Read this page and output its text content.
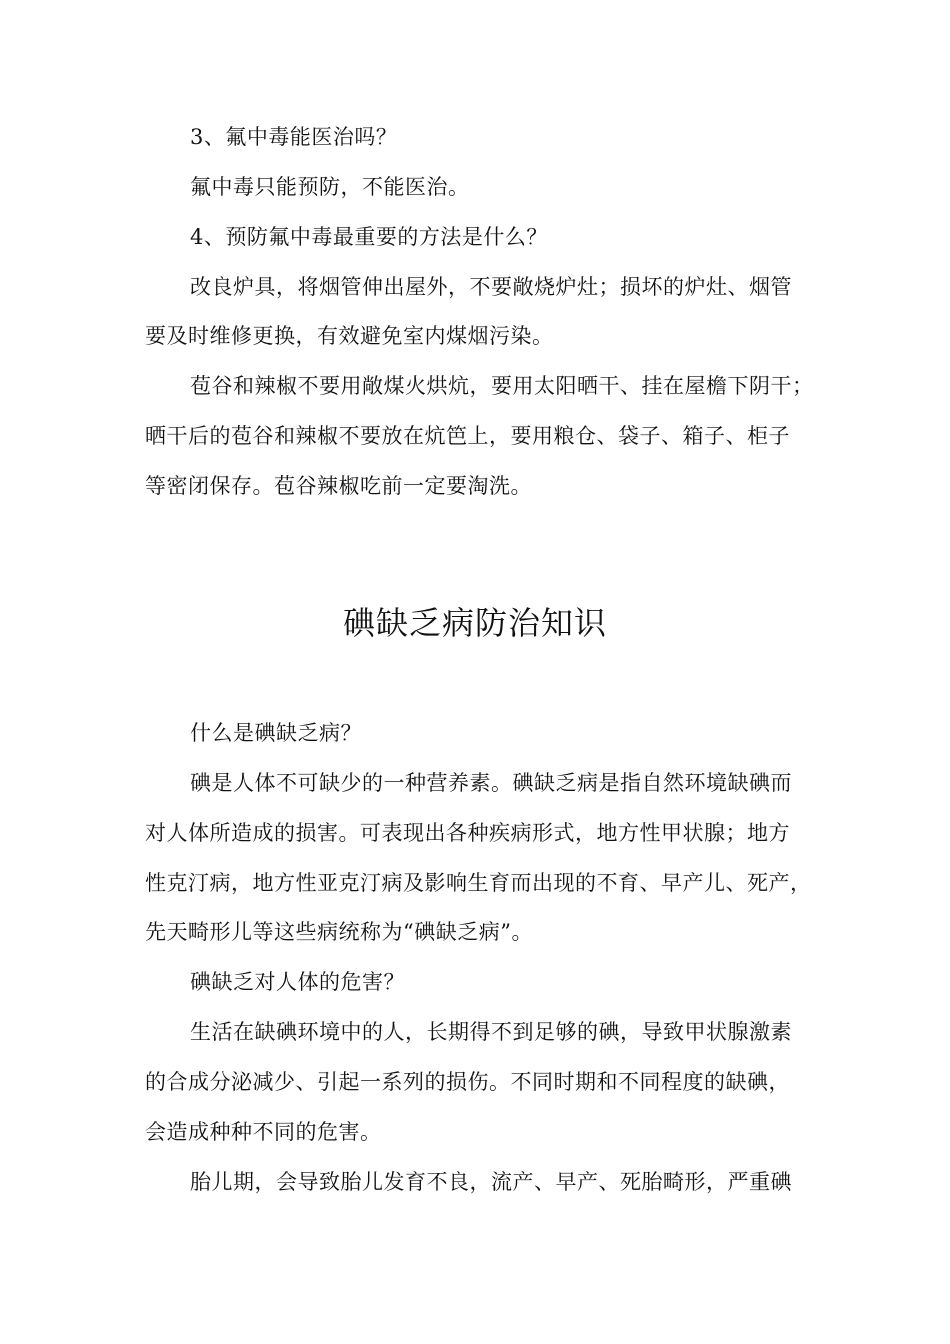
3、氟中毒能医治吗？
氟中毒只能预防，不能医治。
4、预防氟中毒最重要的方法是什么？
改良炉具，将烟管伸出屋外，不要敞烧炉灶；损坏的炉灶、烟管
要及时维修更换，有效避免室内煤烟污染。
苞谷和辣椒不要用敞煤火烘炕，要用太阳晒干、挂在屋檐下阴干；
晒干后的苞谷和辣椒不要放在炕笆上，要用粮仓、袋子、箱子、柜子
等密闭保存。苞谷辣椒吃前一定要淘洗。
碘缺乏病防治知识
什么是碘缺乏病？
碘是人体不可缺少的一种营养素。碘缺乏病是指自然环境缺碘而
对人体所造成的损害。可表现出各种疾病形式，地方性甲状腺；地方
性克汀病，地方性亚克汀病及影响生育而出现的不育、早产儿、死产，
先天畸形儿等这些病统称为“碘缺乏病”。
碘缺乏对人体的危害？
生活在缺碘环境中的人，长期得不到足够的碘，导致甲状腺激素
的合成分泌减少、引起一系列的损伤。不同时期和不同程度的缺碘，
会造成种种不同的危害。
胎儿期，会导致胎儿发育不良，流产、早产、死胎畸形，严重碘
